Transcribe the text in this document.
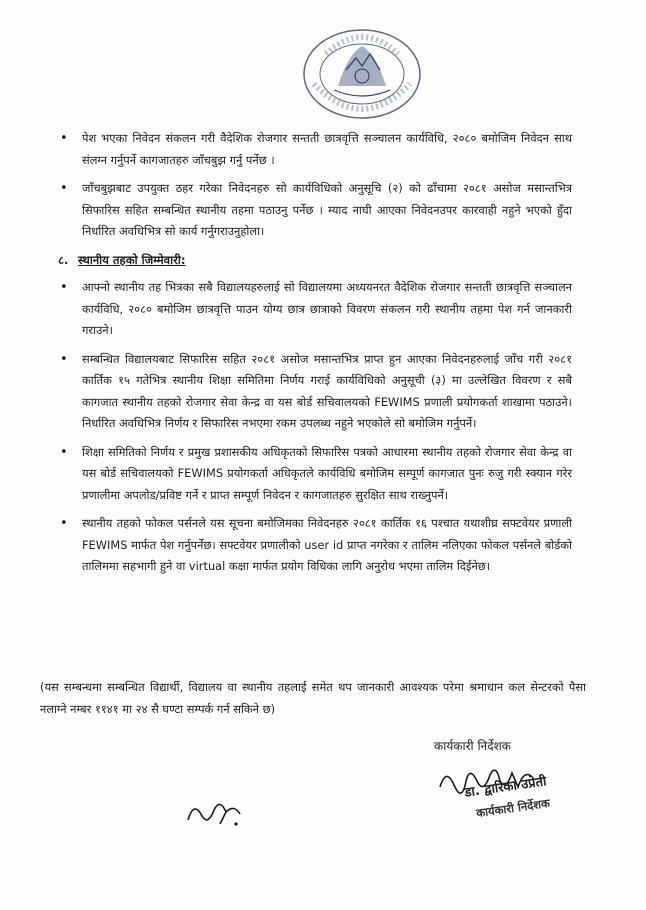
• पेश भएका निवेदन संकलन गरी वैदेशिक रोजगार सन्तती छात्रवृत्ति सञ्चालन कार्यविधि, २०८० बमोजिम निवेदन साथ संलग्न गर्नुपर्ने कागजातहरु जाँचबुझ गर्नु पर्नेछ ।
• जाँचबुझबाट उपयुक्त ठहर गरेका निवेदनहरु सो कार्यविधिको अनुसूचि (२) को ढाँचामा २०८१ असोज मसान्तभित्र सिफारिस सहित सम्बन्धित स्थानीय तहमा पठाउनु पर्नेछ । म्याद नाघी आएका निवेदनउपर कारवाही नहुने भएको हुँदा निर्धारित अवधिभित्र सो कार्य गर्नुगराउनुहोला।
८. स्थानीय तहको जिम्मेवारी:
• आफ्नो स्थानीय तह भित्रका सबै विद्यालयहरुलाई सो विद्यालयमा अध्ययनरत वैदेशिक रोजगार सन्तती छात्रवृत्ति सञ्चालन कार्यविधि, २०८० बमोजिम छात्रवृत्ति पाउन योग्य छात्र छात्राको विवरण संकलन गरी स्थानीय तहमा पेश गर्न जानकारी गराउने।
• सम्बन्धित विद्यालयबाट सिफारिस सहित २०८१ असोज मसान्तभित्र प्राप्त हुन आएका निवेदनहरुलाई जाँच गरी २०८१ कार्तिक १५ गतेभित्र स्थानीय शिक्षा समितिमा निर्णय गराई कार्यविधिको अनुसूची (३) मा उल्लेखित विवरण र सबै कागजात स्थानीय तहको रोजगार सेवा केन्द्र वा यस बोर्ड सचिवालयको FEWIMS प्रणाली प्रयोगकर्ता शाखामा पठाउने। निर्धारित अवधिभित्र निर्णय र सिफारिस नभएमा रकम उपलब्ध नहुने भएकोले सो बमोजिम गर्नुपर्ने।
• शिक्षा समितिको निर्णय र प्रमुख प्रशासकीय अधिकृतको सिफारिस पत्रको आधारमा स्थानीय तहको रोजगार सेवा केन्द्र वा यस बोर्ड सचिवालयको FEWIMS प्रयोगकर्ता अधिकृतले कार्यविधि बमोजिम सम्पूर्ण कागजात पुनः रुजु गरी स्क्यान गरेर प्रणालीमा अपलोड/प्रविष्ट गर्ने र प्राप्त सम्पूर्ण निवेदन र कागजातहरु सुरक्षित साथ राख्नुपर्ने।
• स्थानीय तहको फोकल पर्सनले यस सूचना बमोजिमका निवेदनहरु २०८१ कार्तिक १६ पश्चात यथाशीघ्र सफ्टवेयर प्रणाली FEWIMS मार्फत पेश गर्नुपर्नेछ। सफ्टवेयर प्रणालीको user id प्राप्त नगरेका र तालिम नलिएका फोकल पर्सनले बोर्डको तालिममा सहभागी हुने वा virtual कक्षा मार्फत प्रयोग विधिका लागि अनुरोध भएमा तालिम दिईनेछ।
(यस सम्बन्धमा सम्बन्धित विद्यार्थी, विद्यालय वा स्थानीय तहलाई समेत थप जानकारी आवश्यक परेमा श्रमाधान कल सेन्टरको पैसा नलाग्ने नम्बर ११४१ मा २४ सै घण्टा सम्पर्क गर्न सकिने छ)
कार्यकारी निर्देशक
डा. द्वारिका उप्रेती
कार्यकारी निर्देशक
